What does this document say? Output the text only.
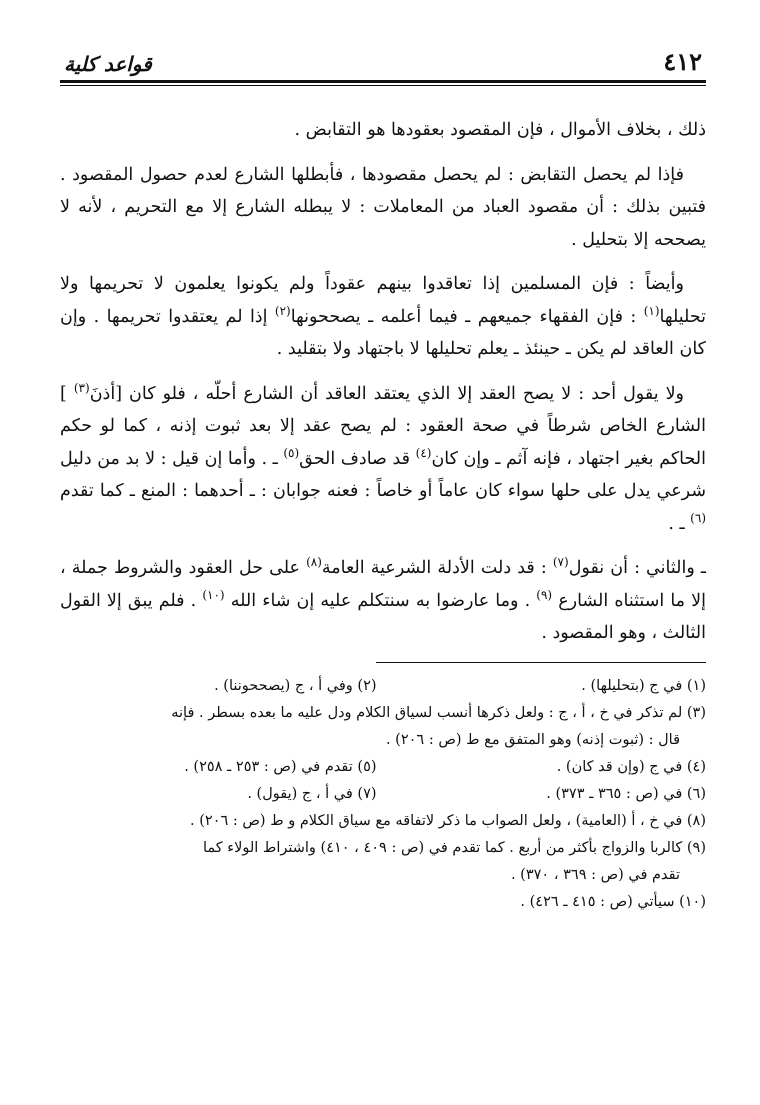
٤١٢
قواعد كلية

ذلك ، بخلاف الأموال ، فإن المقصود بعقودها هو التقابض .

فإذا لم يحصل التقابض : لم يحصل مقصودها ، فأبطلها الشارع لعدم حصول المقصود . فتبين بذلك : أن مقصود العباد من المعاملات : لا يبطله الشارع إلا مع التحريم ، لأنه لا يصححه إلا بتحليل .

وأيضاً : فإن المسلمين إذا تعاقدوا بينهم عقوداً ولم يكونوا يعلمون لا تحريمها ولا تحليلها$^{(١)}$ : فإن الفقهاء جميعهم ـ فيما أعلمه ـ يصححونها$^{(٢)}$ إذا لم يعتقدوا تحريمها . وإن كان العاقد لم يكن ـ حينئذ ـ يعلم تحليلها لا باجتهاد ولا بتقليد .

ولا يقول أحد : لا يصح العقد إلا الذي يعتقد العاقد أن الشارع أحلّه ، فلو كان [أذنَ$^{(٣)}$ ] الشارع الخاص شرطاً في صحة العقود : لم يصح عقد إلا بعد ثبوت إذنه ، كما لو حكم الحاكم بغير اجتهاد ، فإنه آثم ـ وإن كان$^{(٤)}$ قد صادف الحق$^{(٥)}$ ـ . وأما إن قيل : لا بد من دليل شرعي يدل على حلها سواء كان عاماً أو خاصاً : فعنه جوابان : ـ أحدهما : المنع ـ كما تقدم $^{(٦)}$ ـ .

ـ والثاني : أن نقول$^{(٧)}$ : قد دلت الأدلة الشرعية العامة$^{(٨)}$ على حل العقود والشروط جملة ، إلا ما استثناه الشارع $^{(٩)}$ . وما عارضوا به سنتكلم عليه إن شاء الله $^{(١٠)}$ . فلم يبق إلا القول الثالث ، وهو المقصود .

(١) في ج (بتحليلها) .
(٢) وفي أ ، ج (يصححوننا) .
(٣) لم تذكر في خ ، أ ، ج : ولعل ذكرها أنسب لسياق الكلام ودل عليه ما بعده بسطر . فإنه
قال : (ثبوت إذنه) وهو المتفق مع ط (ص : ٢٠٦) .
(٤) في ج (وإن قد كان) .
(٥) تقدم في (ص : ٢٥٣ ـ ٢٥٨) .
(٦) في (ص : ٣٦٥ ـ ٣٧٣) .
(٧) في أ ، ج (يقول) .
(٨) في خ ، أ (العامية) ، ولعل الصواب ما ذكر لاتفاقه مع سياق الكلام و ط (ص : ٢٠٦) .
(٩) كالربا والزواج بأكثر من أربع . كما تقدم في (ص : ٤٠٩ ، ٤١٠) واشتراط الولاء كما
تقدم في (ص : ٣٦٩ ، ٣٧٠) .
(١٠) سيأتي (ص : ٤١٥ ـ ٤٢٦) .
